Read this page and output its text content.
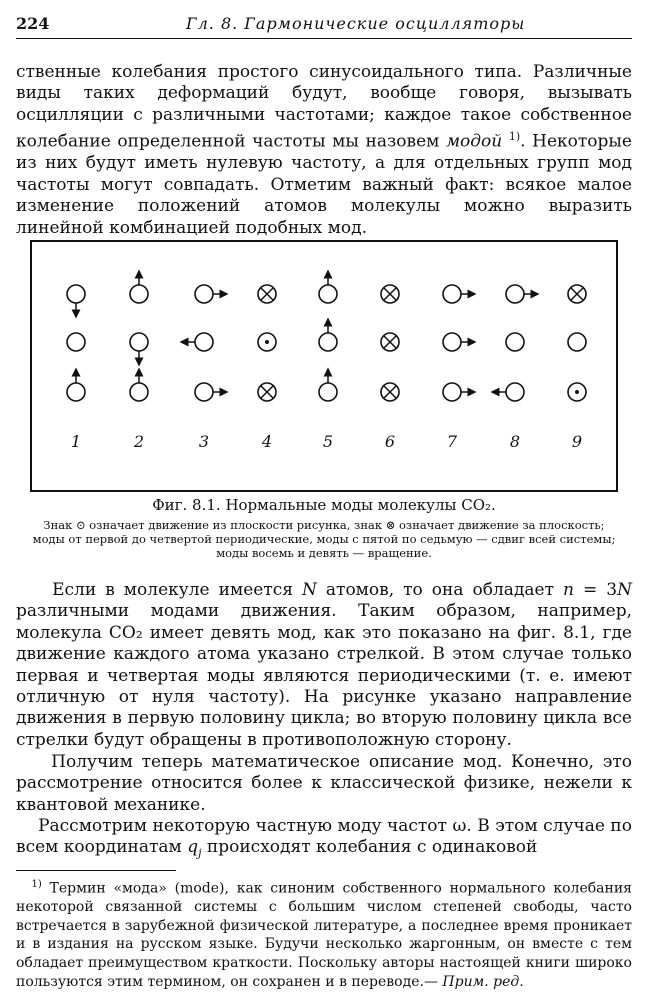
224	Гл. 8. Гармонические осцилляторы

ственные колебания простого синусоидального типа. Различные виды таких деформаций будут, вообще говоря, вызывать осцилляции с различными частотами; каждое такое собственное колебание определенной частоты мы назовем модой $^{1)}$. Некоторые из них будут иметь нулевую частоту, а для отдельных групп мод частоты могут совпадать. Отметим важный факт: всякое малое изменение положений атомов молекулы можно выразить линейной комбинацией подобных мод.

1	2	3	4	5	6	7	8	9
Фиг. 8.1. Нормальные моды молекулы CO₂.

Знак ⊙ означает движение из плоскости рисунка, знак ⊗ означает движение за плоскость; моды от первой до четвертой периодические, моды с пятой по седьмую — сдвиг всей системы; моды восемь и девять — вращение.

Если в молекуле имеется N атомов, то она обладает n = 3N различными модами движения. Таким образом, например, молекула CO₂ имеет девять мод, как это показано на фиг. 8.1, где движение каждого атома указано стрелкой. В этом случае только первая и четвертая моды являются периодическими (т. е. имеют отличную от нуля частоту). На рисунке указано направление движения в первую половину цикла; во вторую половину цикла все стрелки будут обращены в противоположную сторону.

Получим теперь математическое описание мод. Конечно, это рассмотрение относится более к классической физике, нежели к квантовой механике.

Рассмотрим некоторую частную моду частот ω. В этом случае по всем координатам $q_j$ происходят колебания с одинаковой

$^{1)}$ Термин «мода» (mode), как синоним собственного нормального колебания некоторой связанной системы с большим числом степеней свободы, часто встречается в зарубежной физической литературе, а последнее время проникает и в издания на русском языке. Будучи несколько жаргонным, он вместе с тем обладает преимуществом краткости. Поскольку авторы настоящей книги широко пользуются этим термином, он сохранен и в переводе.— Прим. ред.
